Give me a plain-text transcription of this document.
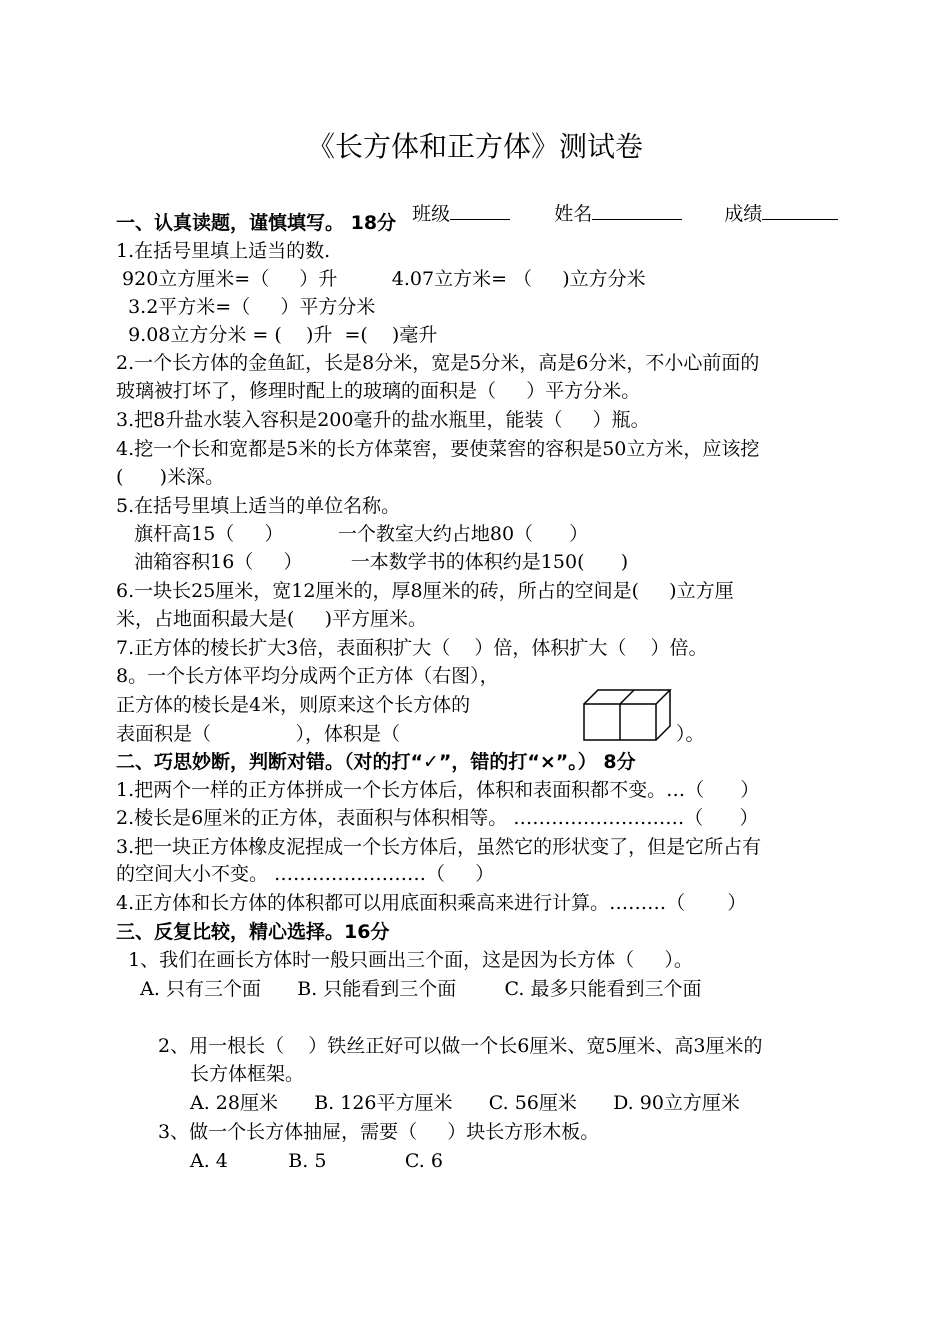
《长方体和正方体》测试卷

班级	姓名	成绩

一、认真读题，谨慎填写。 18分
1.在括号里填上适当的数.
920立方厘米=（     ）升         4.07立方米= （     )立方分米
3.2平方米=（     ）平方分米
9.08立方分米 = (    )升  =(    )毫升
2.一个长方体的金鱼缸，长是8分米，宽是5分米，高是6分米，不小心前面的
玻璃被打坏了，修理时配上的玻璃的面积是（     ）平方分米。
3.把8升盐水装入容积是200毫升的盐水瓶里，能装（     ）瓶。
4.挖一个长和宽都是5米的长方体菜窖，要使菜窖的容积是50立方米，应该挖
(      )米深。
5.在括号里填上适当的单位名称。
旗杆高15（     ）         一个教室大约占地80（      ）
油箱容积16（     ）        一本数学书的体积约是150(      )
6.一块长25厘米，宽12厘米的，厚8厘米的砖，所占的空间是(     )立方厘
米，占地面积最大是(     )平方厘米。
7.正方体的棱长扩大3倍，表面积扩大（    ）倍，体积扩大（    ）倍。
8。一个长方体平均分成两个正方体（右图），
正方体的棱长是4米，则原来这个长方体的
表面积是（              ），体积是（	）。
二、巧思妙断，判断对错。（对的打“✓”，错的打“×”。） 8分
1.把两个一样的正方体拼成一个长方体后，体积和表面积都不变。…（      ）
2.棱长是6厘米的正方体，表面积与体积相等。 ………………………（      ）
3.把一块正方体橡皮泥捏成一个长方体后，虽然它的形状变了，但是它所占有
的空间大小不变。 ……………………（     ）
4.正方体和长方体的体积都可以用底面积乘高来进行计算。………（       ）
三、反复比较，精心选择。16分
1、我们在画长方体时一般只画出三个面，这是因为长方体（     ）。
A. 只有三个面      B. 只能看到三个面        C. 最多只能看到三个面
2、用一根长（    ）铁丝正好可以做一个长6厘米、宽5厘米、高3厘米的
长方体框架。
A. 28厘米      B. 126平方厘米      C. 56厘米      D. 90立方厘米
3、做一个长方体抽屉，需要（     ）块长方形木板。
A. 4          B. 5             C. 6
